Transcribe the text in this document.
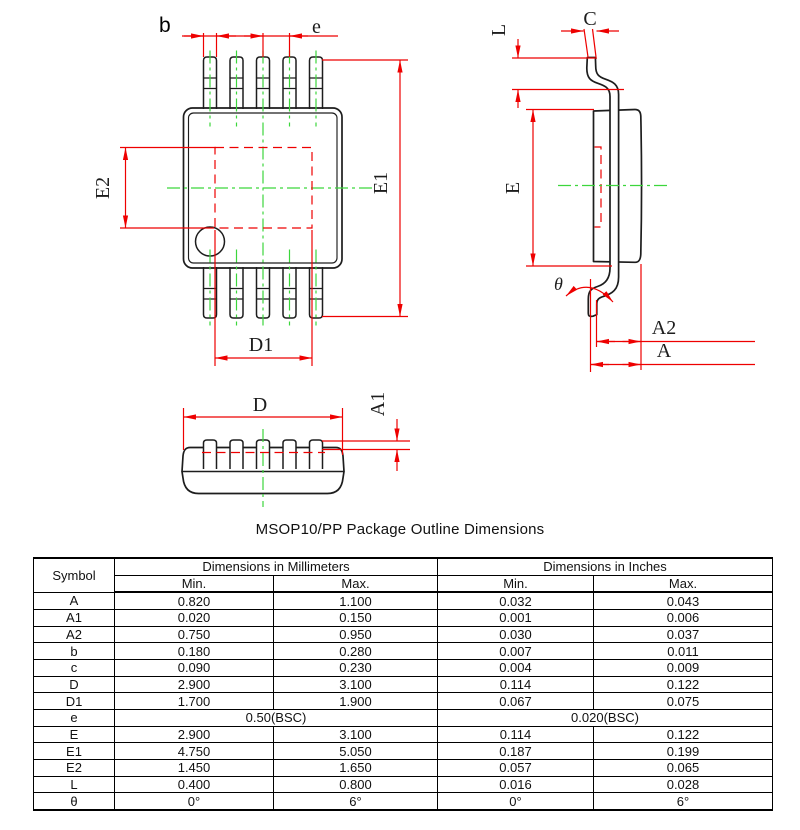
b	e
E2	E1
D1
C
L
E
θ
A2
A
D	A1
MSOP10/PP Package Outline Dimensions
Symbol	Dimensions in Millimeters		Dimensions in Inches	
	Min.	Max.	Min.	Max.
A	0.820	1.100	0.032	0.043
A1	0.020	0.150	0.001	0.006
A2	0.750	0.950	0.030	0.037
b	0.180	0.280	0.007	0.011
c	0.090	0.230	0.004	0.009
D	2.900	3.100	0.114	0.122
D1	1.700	1.900	0.067	0.075
e	0.50(BSC)		0.020(BSC)	
E	2.900	3.100	0.114	0.122
E1	4.750	5.050	0.187	0.199
E2	1.450	1.650	0.057	0.065
L	0.400	0.800	0.016	0.028
θ	0°	6°	0°	6°
